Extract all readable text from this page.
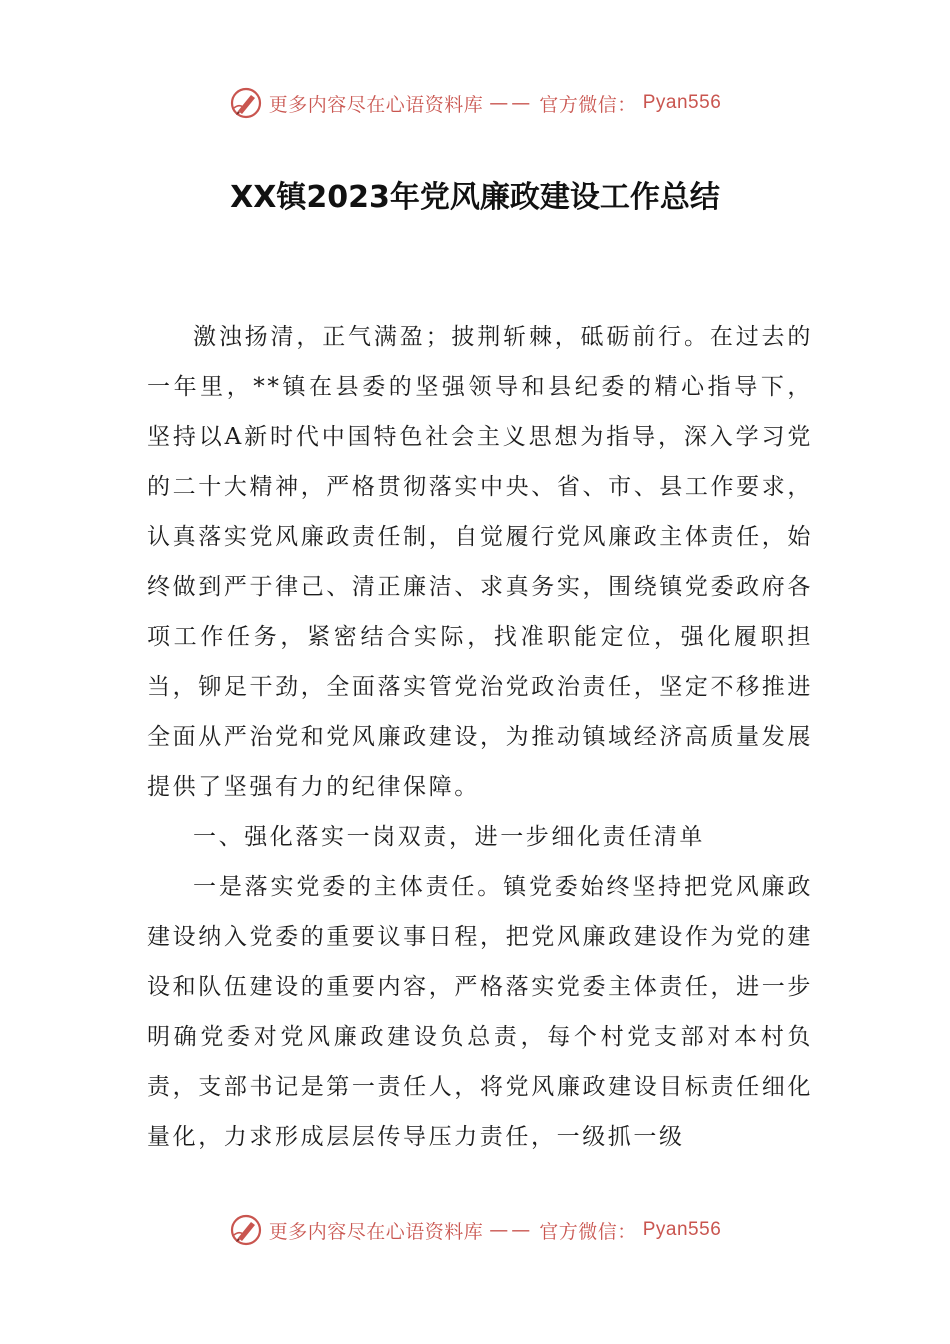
更多内容尽在心语资料库 —— 官方微信： Pyan556
XX镇2023年党风廉政建设工作总结

激浊扬清，正气满盈；披荆斩棘，砥砺前行。在过去的一年里，**镇在县委的坚强领导和县纪委的精心指导下，坚持以A新时代中国特色社会主义思想为指导，深入学习党的二十大精神，严格贯彻落实中央、省、市、县工作要求，认真落实党风廉政责任制，自觉履行党风廉政主体责任，始终做到严于律己、清正廉洁、求真务实，围绕镇党委政府各项工作任务，紧密结合实际，找准职能定位，强化履职担当，铆足干劲，全面落实管党治党政治责任，坚定不移推进全面从严治党和党风廉政建设，为推动镇域经济高质量发展提供了坚强有力的纪律保障。

一、强化落实一岗双责，进一步细化责任清单

一是落实党委的主体责任。镇党委始终坚持把党风廉政建设纳入党委的重要议事日程，把党风廉政建设作为党的建设和队伍建设的重要内容，严格落实党委主体责任，进一步明确党委对党风廉政建设负总责，每个村党支部对本村负责，支部书记是第一责任人，将党风廉政建设目标责任细化量化，力求形成层层传导压力责任，一级抓一级

更多内容尽在心语资料库 —— 官方微信： Pyan556
